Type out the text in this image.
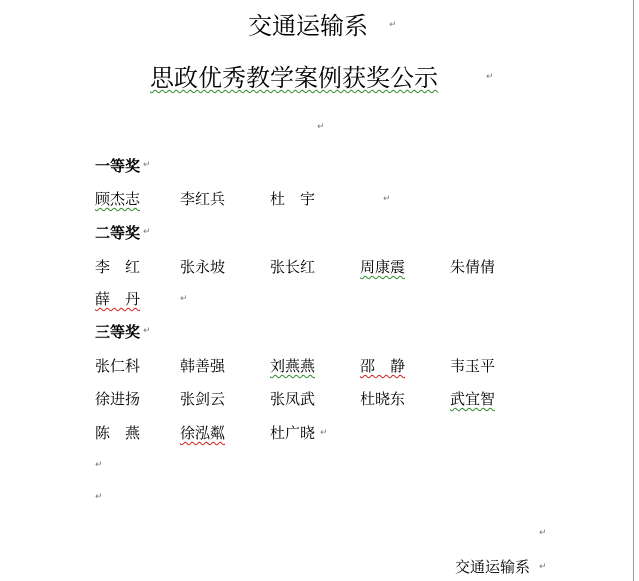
交通运输系 ↵
思政优秀教学案例获奖公示	↵
↵
一等奖 ↵
顾杰志	李红兵	杜　宇	↵
二等奖 ↵
李　红	张永坡	张长红	周康震	朱倩倩
薛　丹	↵
三等奖 ↵
张仁科	韩善强	刘燕燕	邵　静	韦玉平
徐进扬	张剑云	张凤武	杜晓东	武宜智
陈　燕	徐泓粼	杜广晓 ↵
↵
↵
↵
交通运输系 ↵
